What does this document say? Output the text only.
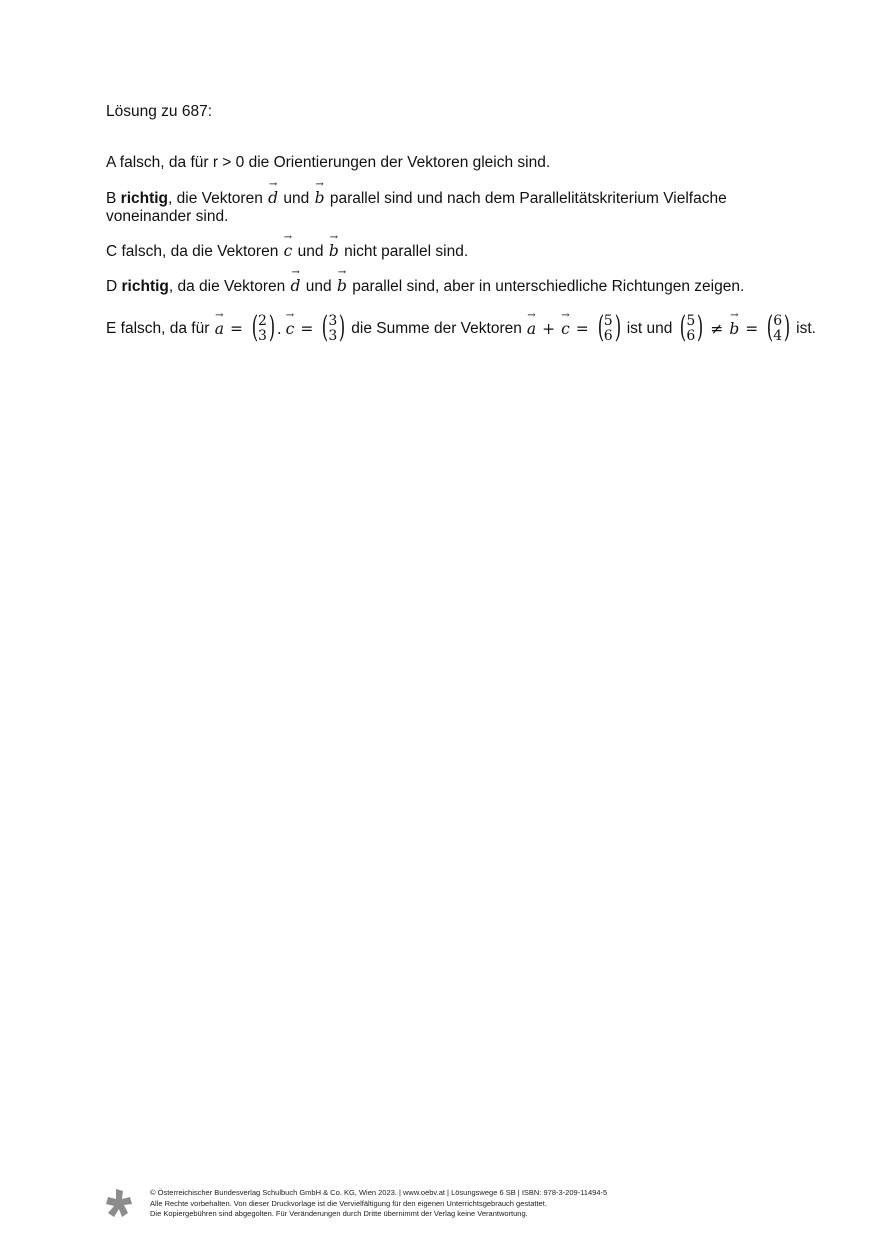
Lösung zu 687:
A falsch, da für r > 0 die Orientierungen der Vektoren gleich sind.
B richtig, die Vektoren
→
d und
→
b parallel sind und nach dem Parallelitätskriterium Vielfache voneinander sind.
C falsch, da die Vektoren
→
c und
→
b nicht parallel sind.
D richtig, da die Vektoren
→
d und
→
b parallel sind, aber in unterschiedliche Richtungen zeigen.
E falsch, da für

→
a = ( 2
3 ) .
→
c = ( 3
3 ) die Summe der Vektoren
→
a +
→
c = ( 5
6 ) ist und ( 5
6 ) ≠
→
b = ( 6
4 ) ist.
© Österreichischer Bundesverlag Schulbuch GmbH & Co. KG, Wien 2023. | www.oebv.at | Lösungswege 6 SB | ISBN: 978-3-209-11494-5
Alle Rechte vorbehalten. Von dieser Druckvorlage ist die Vervielfältigung für den eigenen Unterrichtsgebrauch gestattet.
Die Kopiergebühren sind abgegolten. Für Veränderungen durch Dritte übernimmt der Verlag keine Verantwortung.
